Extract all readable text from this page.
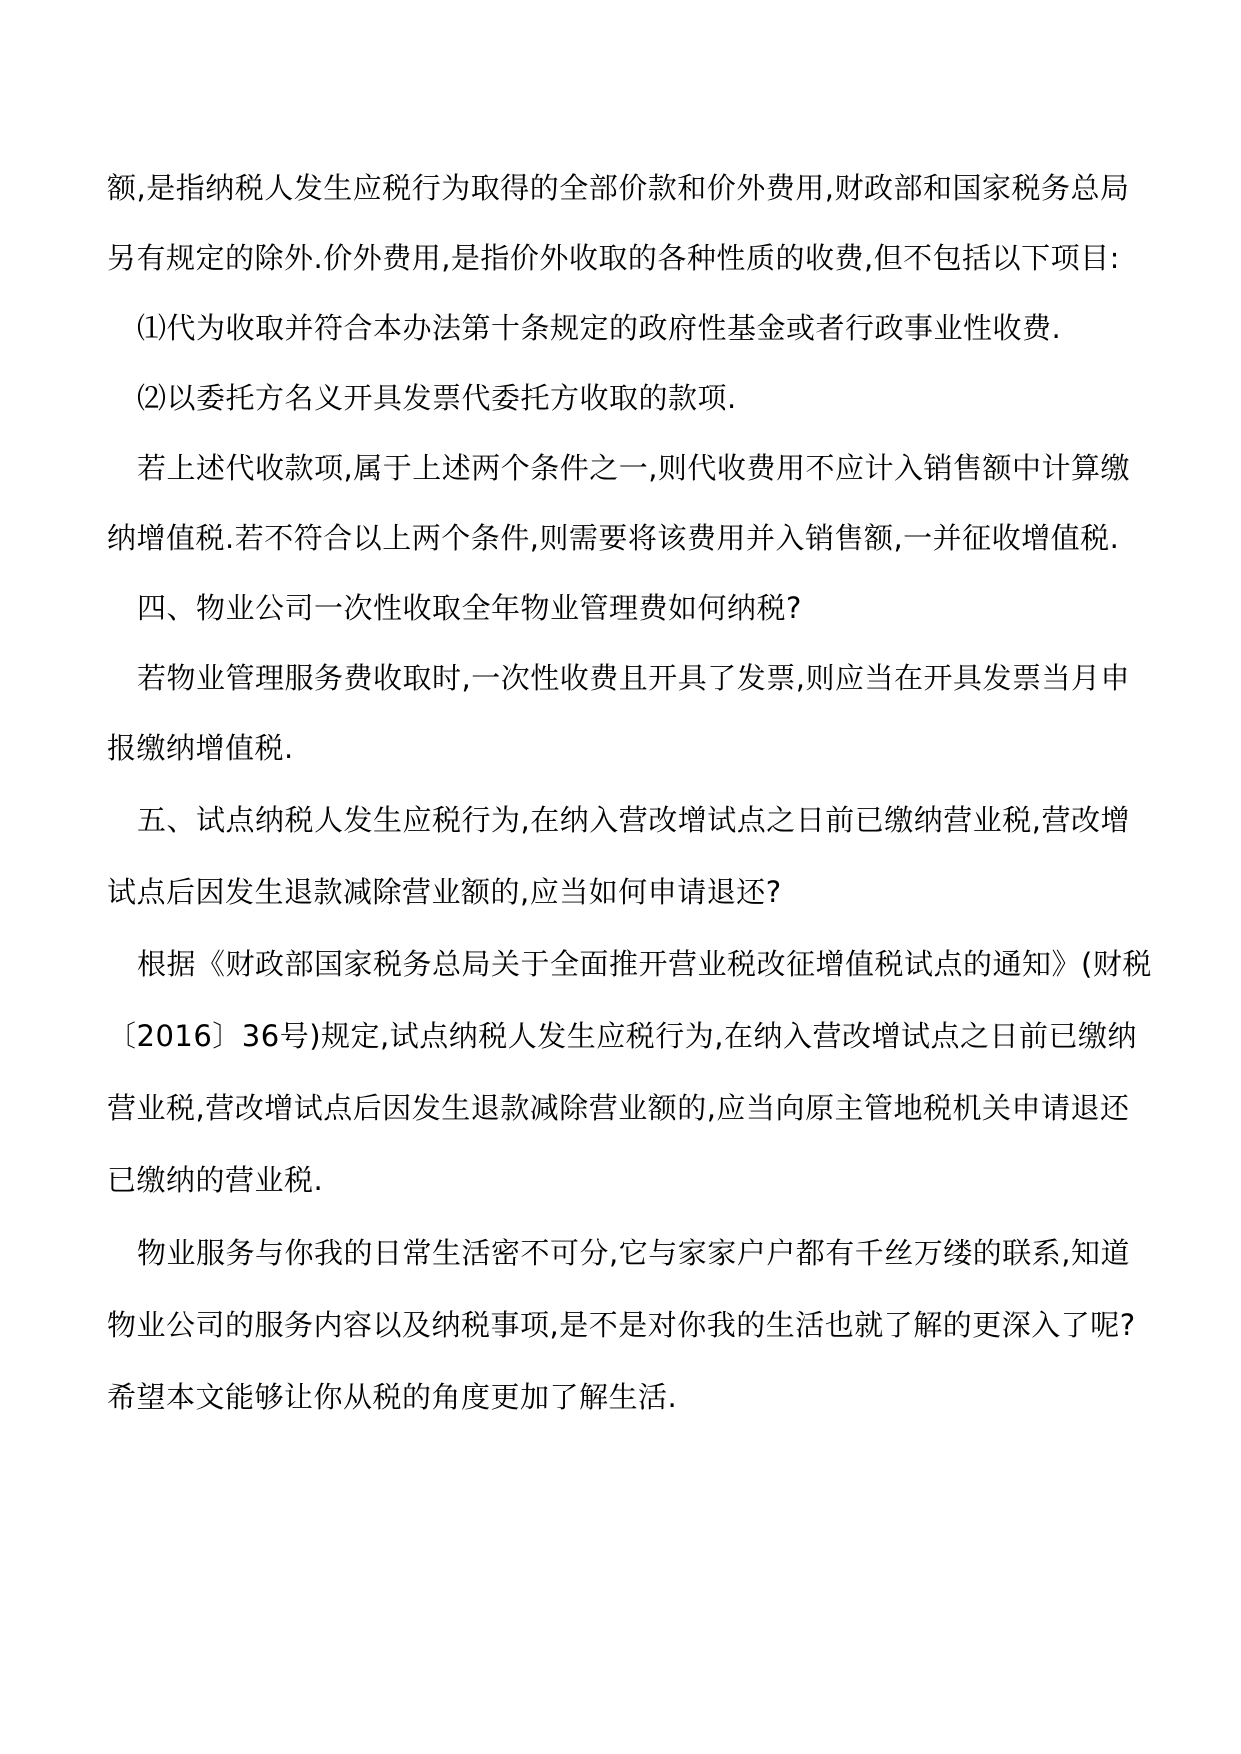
额,是指纳税人发生应税行为取得的全部价款和价外费用,财政部和国家税务总局
另有规定的除外.价外费用,是指价外收取的各种性质的收费,但不包括以下项目:
⑴代为收取并符合本办法第十条规定的政府性基金或者行政事业性收费.
⑵以委托方名义开具发票代委托方收取的款项.
若上述代收款项,属于上述两个条件之一,则代收费用不应计入销售额中计算缴
纳增值税.若不符合以上两个条件,则需要将该费用并入销售额,一并征收增值税.
四、物业公司一次性收取全年物业管理费如何纳税?
若物业管理服务费收取时,一次性收费且开具了发票,则应当在开具发票当月申
报缴纳增值税.
五、试点纳税人发生应税行为,在纳入营改增试点之日前已缴纳营业税,营改增
试点后因发生退款减除营业额的,应当如何申请退还?
根据《财政部国家税务总局关于全面推开营业税改征增值税试点的通知》(财税
〔2016〕36号)规定,试点纳税人发生应税行为,在纳入营改增试点之日前已缴纳
营业税,营改增试点后因发生退款减除营业额的,应当向原主管地税机关申请退还
已缴纳的营业税.
物业服务与你我的日常生活密不可分,它与家家户户都有千丝万缕的联系,知道
物业公司的服务内容以及纳税事项,是不是对你我的生活也就了解的更深入了呢?
希望本文能够让你从税的角度更加了解生活.
